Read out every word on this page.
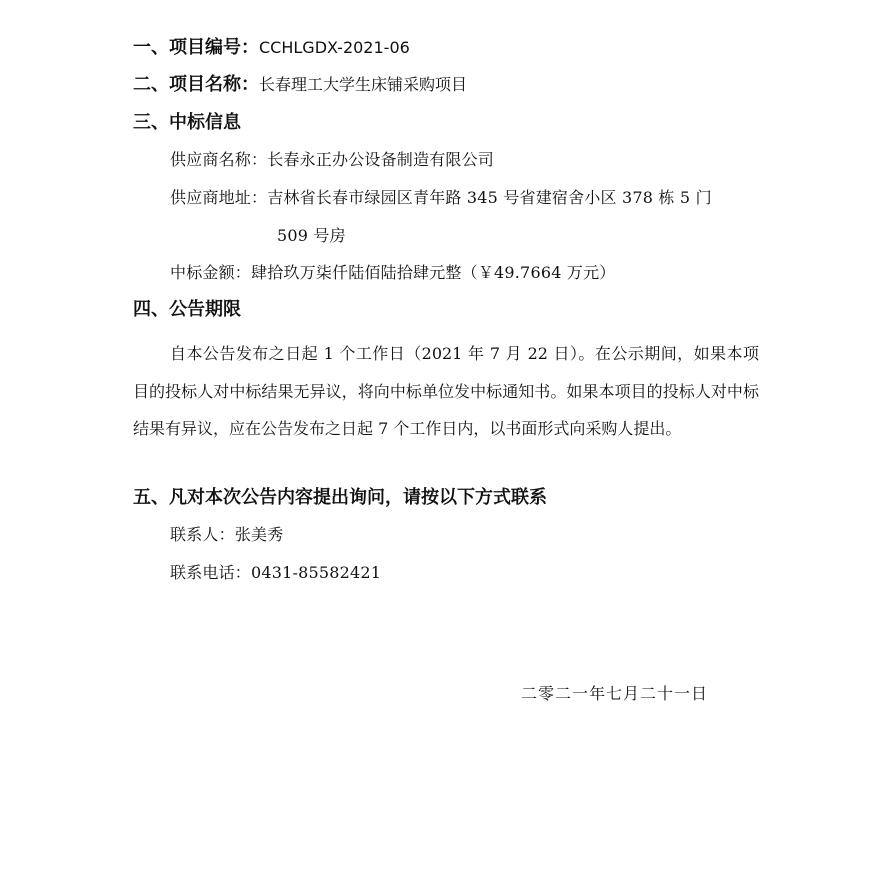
一、项目编号：CCHLGDX-2021-06
二、项目名称：长春理工大学生床铺采购项目
三、中标信息
供应商名称：长春永正办公设备制造有限公司
供应商地址：吉林省长春市绿园区青年路 345 号省建宿舍小区 378 栋 5 门
509 号房
中标金额：肆拾玖万柒仟陆佰陆拾肆元整（￥49.7664 万元）
四、公告期限
自本公告发布之日起 1 个工作日（2021 年 7 月 22 日）。在公示期间，如果本项目的投标人对中标结果无异议，将向中标单位发中标通知书。如果本项目的投标人对中标结果有异议，应在公告发布之日起 7 个工作日内，以书面形式向采购人提出。
五、凡对本次公告内容提出询问，请按以下方式联系
联系人：张美秀
联系电话：0431-85582421
二零二一年七月二十一日
